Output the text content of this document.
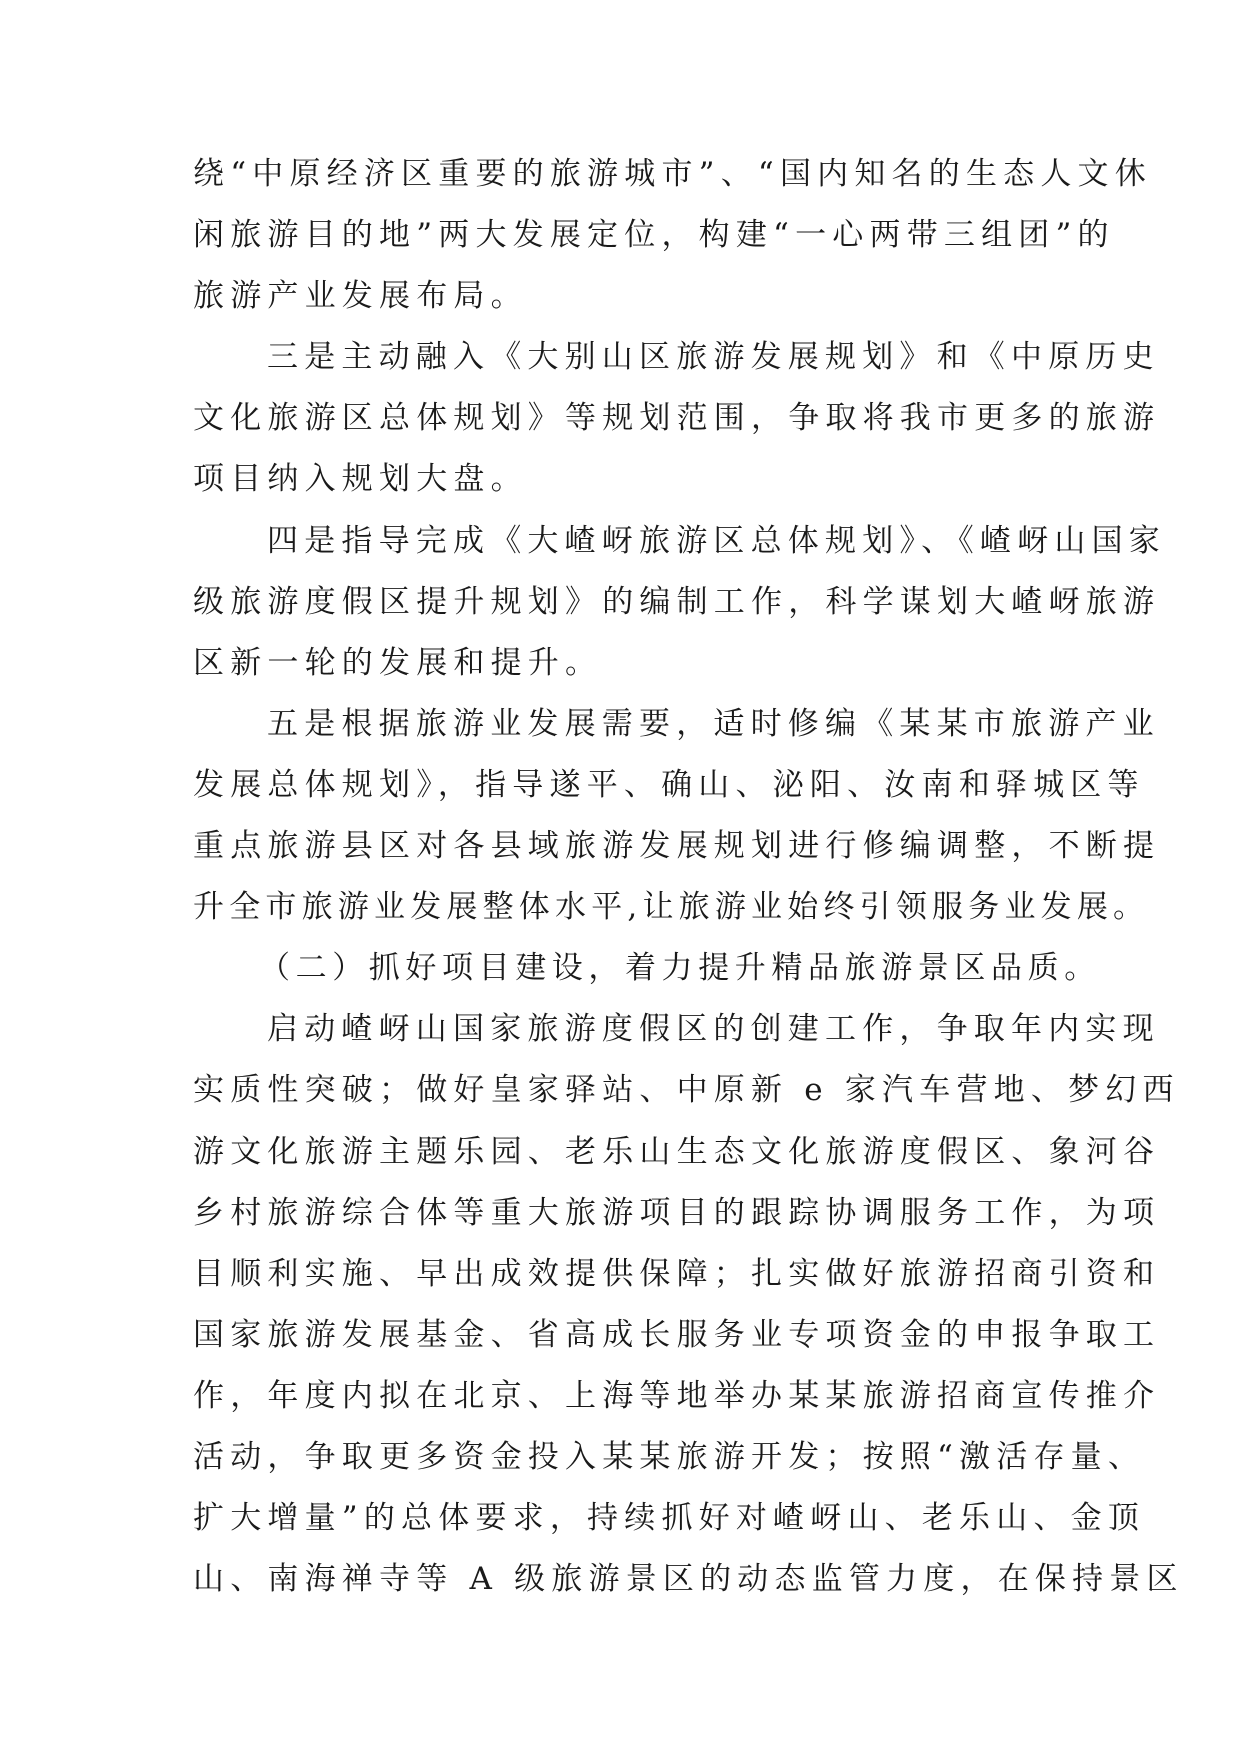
绕“中原经济区重要的旅游城市”、“国内知名的生态人文休
闲旅游目的地”两大发展定位，构建“一心两带三组团”的
旅游产业发展布局。
三是主动融入《大别山区旅游发展规划》和《中原历史
文化旅游区总体规划》等规划范围，争取将我市更多的旅游
项目纳入规划大盘。
四是指导完成《大嵖岈旅游区总体规划》、《嵖岈山国家
级旅游度假区提升规划》的编制工作，科学谋划大嵖岈旅游
区新一轮的发展和提升。
五是根据旅游业发展需要，适时修编《某某市旅游产业
发展总体规划》，指导遂平、确山、泌阳、汝南和驿城区等
重点旅游县区对各县域旅游发展规划进行修编调整，不断提
升全市旅游业发展整体水平,让旅游业始终引领服务业发展。
（二）抓好项目建设，着力提升精品旅游景区品质。
启动嵖岈山国家旅游度假区的创建工作，争取年内实现
实质性突破；做好皇家驿站、中原新 e 家汽车营地、梦幻西
游文化旅游主题乐园、老乐山生态文化旅游度假区、象河谷
乡村旅游综合体等重大旅游项目的跟踪协调服务工作，为项
目顺利实施、早出成效提供保障；扎实做好旅游招商引资和
国家旅游发展基金、省高成长服务业专项资金的申报争取工
作，年度内拟在北京、上海等地举办某某旅游招商宣传推介
活动，争取更多资金投入某某旅游开发；按照“激活存量、
扩大增量”的总体要求，持续抓好对嵖岈山、老乐山、金顶
山、南海禅寺等 A 级旅游景区的动态监管力度，在保持景区
